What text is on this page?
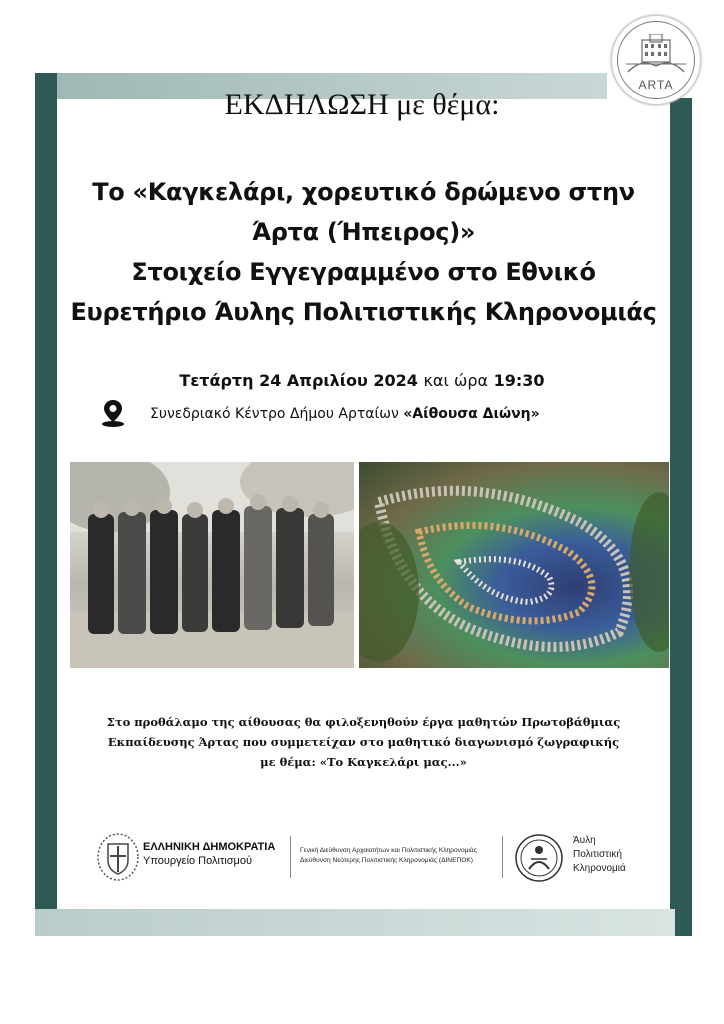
ARTA
ΕΚΔΗΛΩΣΗ με θέμα:
Το «Καγκελάρι, χορευτικό δρώμενο στην
Άρτα (Ήπειρος)»
Στοιχείο Εγγεγραμμένο στο Εθνικό
Ευρετήριο Άυλης Πολιτιστικής Κληρονομιάς
Τετάρτη 24 Απριλίου 2024 και ώρα 19:30
Συνεδριακό Κέντρο Δήμου Αρταίων «Αίθουσα Διώνη»
Στο προθάλαμο της αίθουσας θα φιλοξενηθούν έργα μαθητών Πρωτοβάθμιας
Εκπαίδευσης Άρτας που συμμετείχαν στο μαθητικό διαγωνισμό ζωγραφικής
με θέμα: «Το Καγκελάρι μας...»
ΕΛΛΗΝΙΚΗ ΔΗΜΟΚΡΑΤΙΑ
Υπουργείο Πολιτισμού
Γενική Διεύθυνση Αρχαιοτήτων και Πολιτιστικής Κληρονομιάς
Διεύθυνση Νεότερης Πολιτιστικής Κληρονομιάς (ΔΙΝΕΠΟΚ)
Άυλη
Πολιτιστική
Κληρονομιά
